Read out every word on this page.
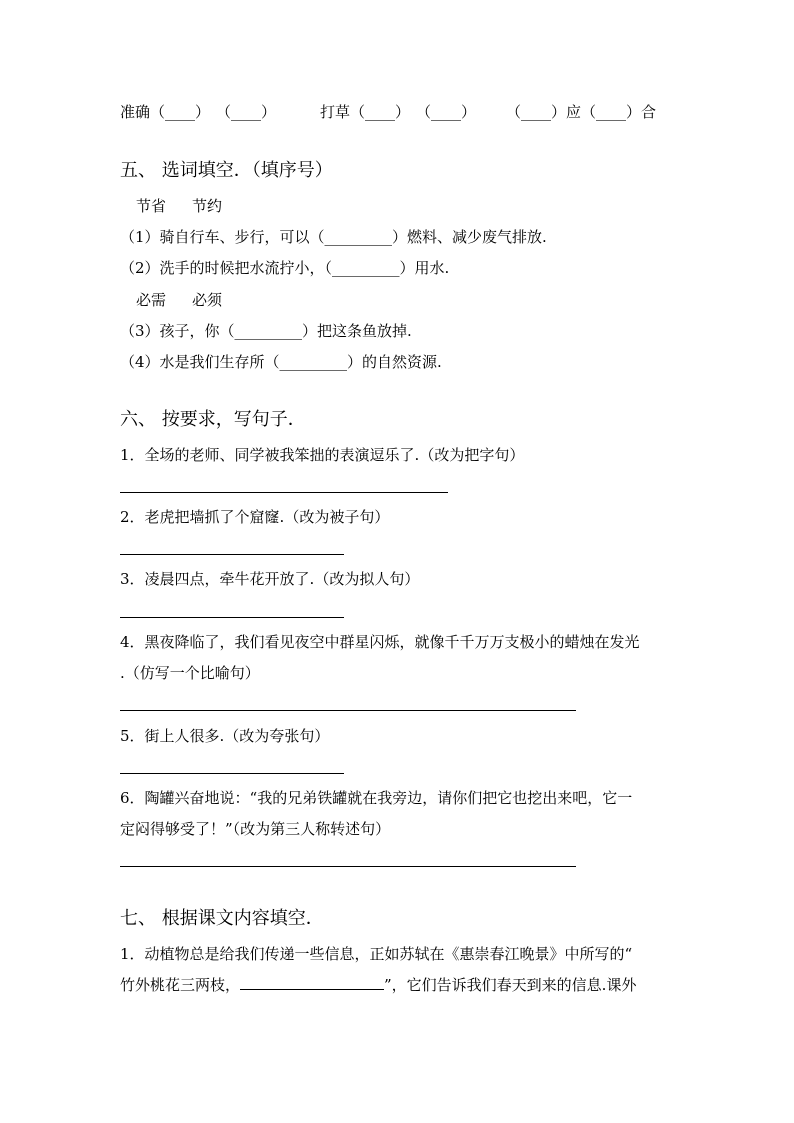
准确（____） （____）	打草（____） （____） （____）应（____）合
五、 选词填空．（填序号）
节省 节约
（1）骑自行车、步行，可以（_________）燃料、减少废气排放.
（2）洗手的时候把水流拧小，（_________）用水.
必需 必须
（3）孩子，你（_________）把这条鱼放掉.
（4）水是我们生存所（_________）的自然资源.
六、 按要求，写句子．
1．全场的老师、同学被我笨拙的表演逗乐了.（改为把字句）
2．老虎把墙抓了个窟窿.（改为被子句）
3．凌晨四点，牵牛花开放了.（改为拟人句）
4．黑夜降临了，我们看见夜空中群星闪烁，就像千千万万支极小的蜡烛在发光
.（仿写一个比喻句）
5．街上人很多.（改为夸张句）
6．陶罐兴奋地说：“我的兄弟铁罐就在我旁边，请你们把它也挖出来吧，它一
定闷得够受了！”（改为第三人称转述句）
七、 根据课文内容填空．
1．动植物总是给我们传递一些信息，正如苏轼在《惠崇春江晚景》中所写的“
竹外桃花三两枝，	”，它们告诉我们春天到来的信息.课外
